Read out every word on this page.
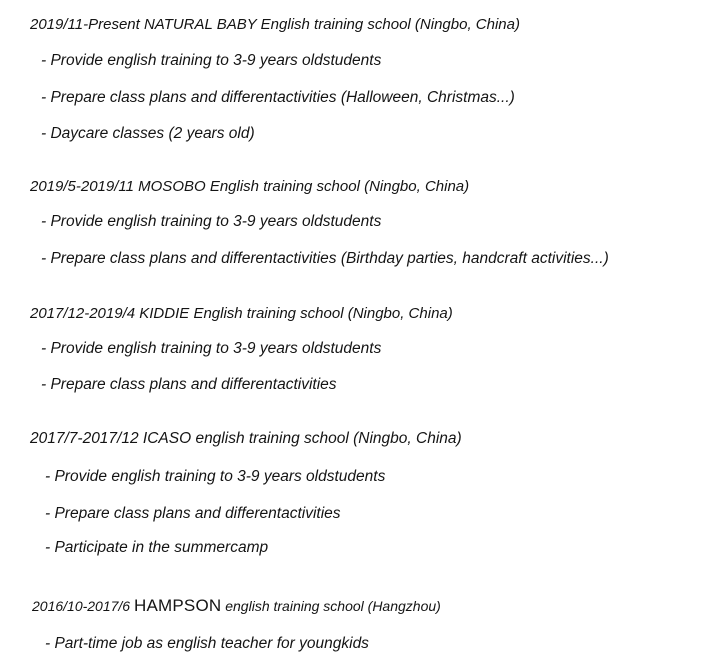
2019/11-Present NATURAL BABY English training school (Ningbo, China)
- Provide english training to 3-9 years oldstudents
- Prepare class plans and differentactivities (Halloween, Christmas...)
- Daycare classes (2 years old)
2019/5-2019/11 MOSOBO English training school (Ningbo, China)
- Provide english training to 3-9 years oldstudents
- Prepare class plans and differentactivities (Birthday parties, handcraft activities...)
2017/12-2019/4 KIDDIE English training school (Ningbo, China)
- Provide english training to 3-9 years oldstudents
- Prepare class plans and differentactivities
2017/7-2017/12 ICASO english training school (Ningbo, China)
- Provide english training to 3-9 years oldstudents
- Prepare class plans and differentactivities
- Participate in the summercamp
2016/10-2017/6 HAMPSON english training school (Hangzhou)
- Part-time job as english teacher for youngkids
